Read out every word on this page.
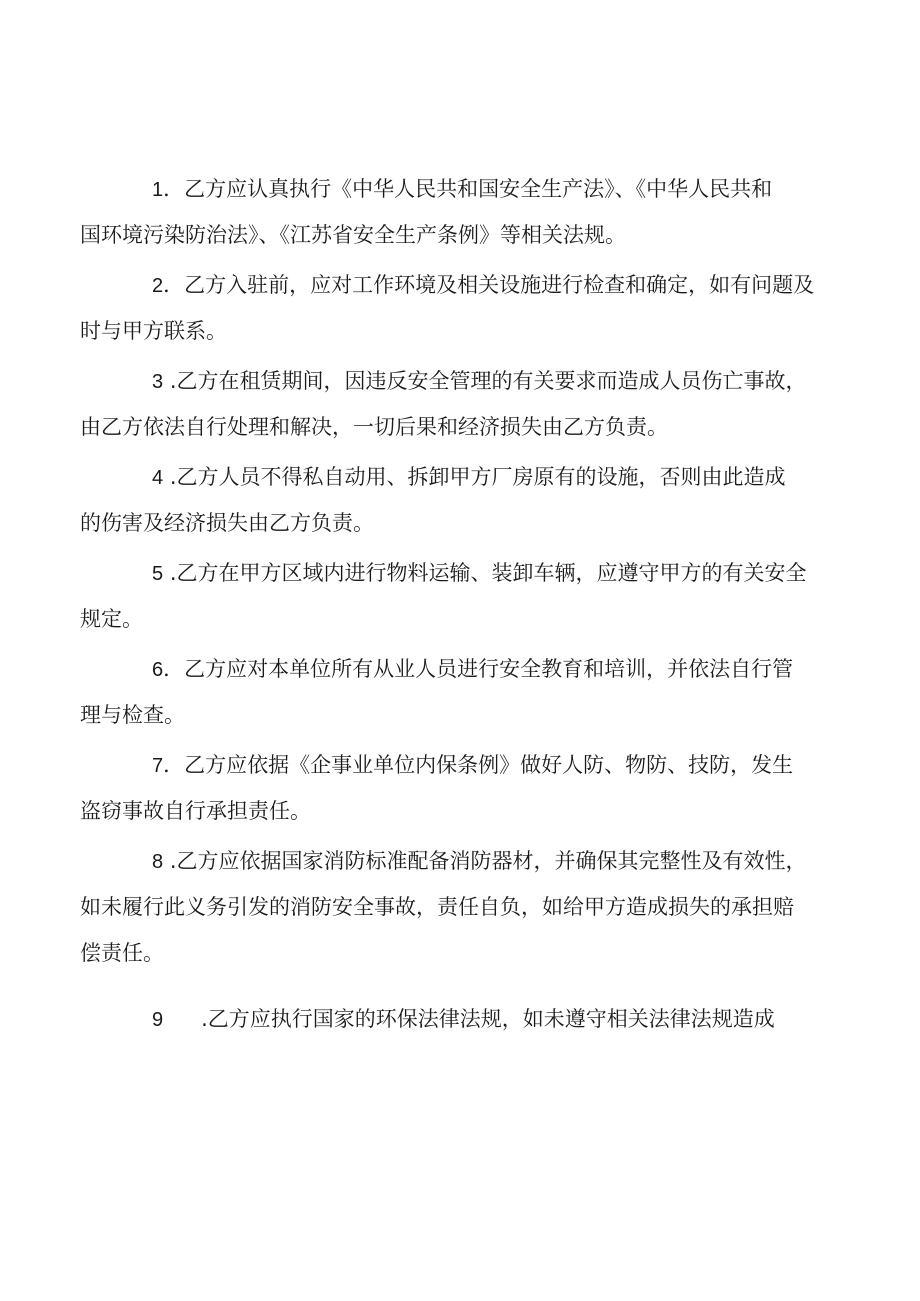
1．乙方应认真执行《中华人民共和国安全生产法》、《中华人民共和
国环境污染防治法》、《江苏省安全生产条例》等相关法规。
2．乙方入驻前，应对工作环境及相关设施进行检查和确定，如有问题及
时与甲方联系。
3 .乙方在租赁期间，因违反安全管理的有关要求而造成人员伤亡事故，
由乙方依法自行处理和解决，一切后果和经济损失由乙方负责。
4 .乙方人员不得私自动用、拆卸甲方厂房原有的设施，否则由此造成
的伤害及经济损失由乙方负责。
5 .乙方在甲方区域内进行物料运输、装卸车辆，应遵守甲方的有关安全
规定。
6．乙方应对本单位所有从业人员进行安全教育和培训，并依法自行管
理与检查。
7．乙方应依据《企事业单位内保条例》做好人防、物防、技防，发生
盗窃事故自行承担责任。
8 .乙方应依据国家消防标准配备消防器材，并确保其完整性及有效性，
如未履行此义务引发的消防安全事故，责任自负，如给甲方造成损失的承担赔
偿责任。
9 .乙方应执行国家的环保法律法规，如未遵守相关法律法规造成
